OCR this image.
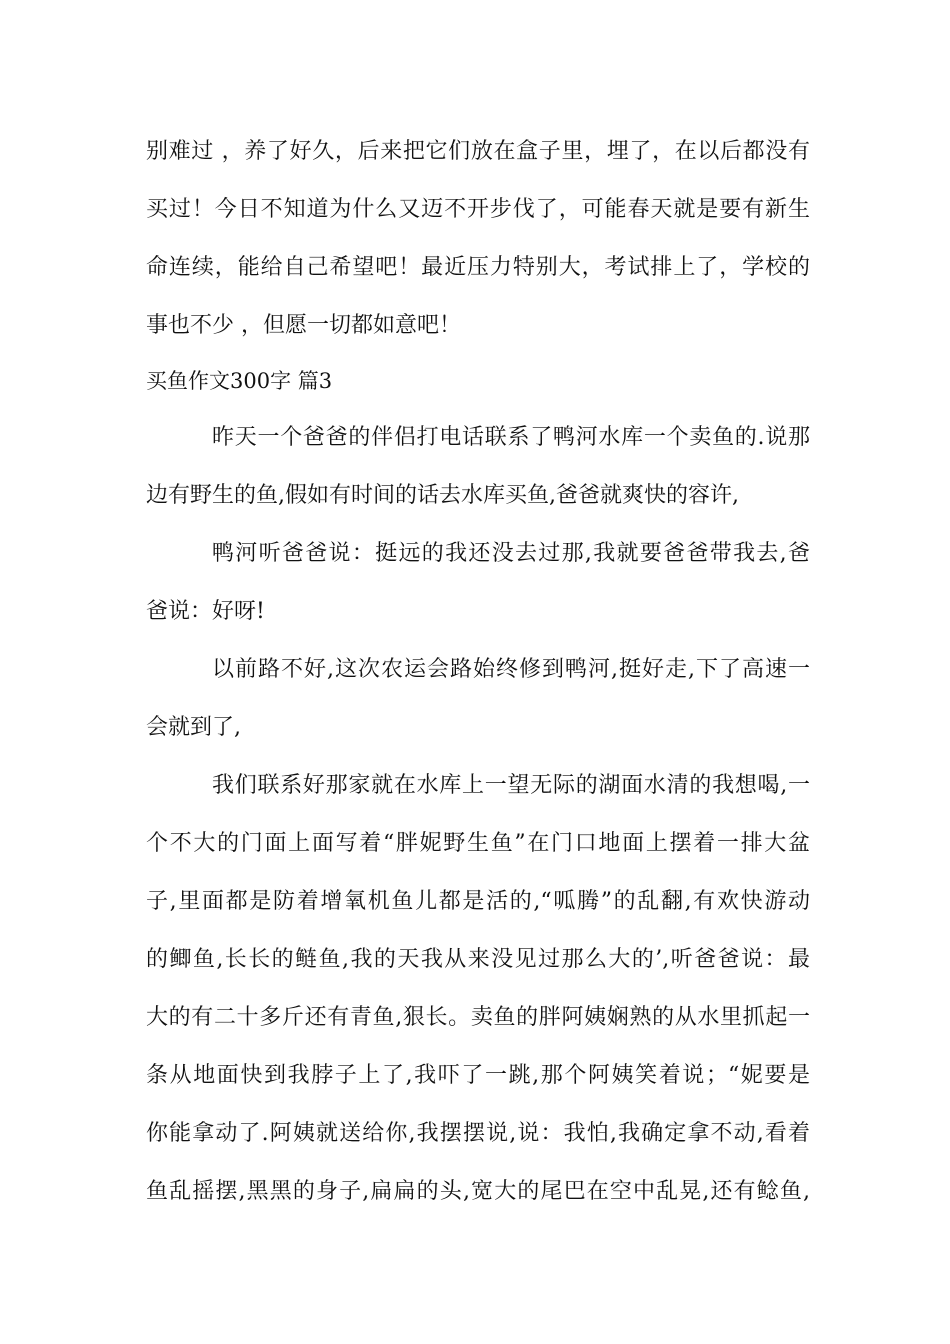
别难过 ，养了好久，后来把它们放在盒子里，埋了，在以后都没有
买过！今日不知道为什么又迈不开步伐了，可能春天就是要有新生
命连续，能给自己希望吧！最近压力特别大，考试排上了，学校的
事也不少 ，但愿一切都如意吧！
买鱼作文300字 篇3
昨天一个爸爸的伴侣打电话联系了鸭河水库一个卖鱼的.说那
边有野生的鱼,假如有时间的话去水库买鱼,爸爸就爽快的容许,
鸭河听爸爸说：挺远的我还没去过那,我就要爸爸带我去,爸
爸说：好呀!
以前路不好,这次农运会路始终修到鸭河,挺好走,下了高速一
会就到了,
我们联系好那家就在水库上一望无际的湖面水清的我想喝,一
个不大的门面上面写着“胖妮野生鱼”在门口地面上摆着一排大盆
子,里面都是防着增氧机鱼儿都是活的,“呱腾”的乱翻,有欢快游动
的鲫鱼,长长的鲢鱼,我的天我从来没见过那么大的’,听爸爸说：最
大的有二十多斤还有青鱼,狠长。卖鱼的胖阿姨娴熟的从水里抓起一
条从地面快到我脖子上了,我吓了一跳,那个阿姨笑着说；“妮要是
你能拿动了.阿姨就送给你,我摆摆说,说：我怕,我确定拿不动,看着
鱼乱摇摆,黑黑的身子,扁扁的头,宽大的尾巴在空中乱晃,还有鲶鱼,
